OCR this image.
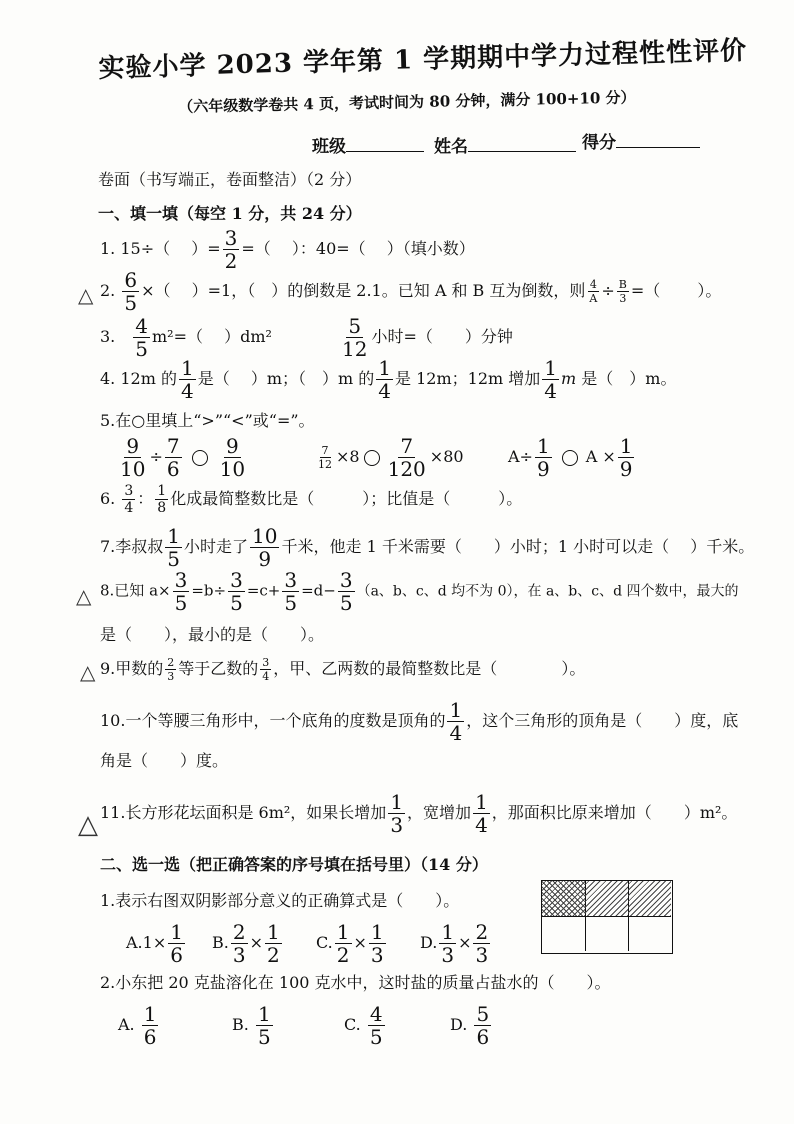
实验小学 2023 学年第 1 学期期中学力过程性性评价
（六年级数学卷共 4 页，考试时间为 80 分钟，满分 100+10 分）
班级	姓名	得分
卷面（书写端正，卷面整洁）（2 分）
一、填一填（每空 1 分，共 24 分）
1. 15÷（  ）= $\frac{3}{2}$ =（  ）：40=（  ）（填小数）
△ 2. $\frac{6}{5}$ ×（  ）=1，（  ）的倒数是 2.1。已知 A 和 B 互为倒数，则 $\frac{4}{A} \div \frac{B}{3}$ =（   ）。
3.  $\frac{4}{5} m^2=$（  ）dm²	$\frac{5}{12}$ 小时=（   ）分钟
4. 12m 的 $\frac{1}{4}$ 是（  ）m；（  ）m 的 $\frac{1}{4}$ 是 12m；12m 增加 $\frac{1}{4}$ m 是（  ）m。
5.在○里填上“>”“<”或“=”。
$\frac{9}{10} \div \frac{7}{6} \frac{9}{10}$	$\frac{7}{12} \times 8 \frac{7}{120} \times 80$	$A\div \frac{1}{9}$ $A \times \frac{1}{9}$
6. $\frac{3}{4}$ ： $\frac{1}{8}$ 化成最简整数比是（   	）；比值是（   	）。
7.李叔叔 $\frac{1}{5}$ 小时走了 $\frac{10}{9}$ 千米，他走 1 千米需要（   ）小时；1 小时可以走（  ）千米。
△ 8.已知 $a\times \frac{3}{5} =b\div \frac{3}{5} =c+ \frac{3}{5} =d- \frac{3}{5} (a$、b、c、d 均不为 0），在 a、b、c、d 四个数中，最大的
是（　　），最小的是（　　）。
△ 9.甲数的 $\frac{2}{3}$ 等于乙数的 $\frac{3}{4}$ ，甲、乙两数的最简整数比是（    	）。
10.一个等腰三角形中，一个底角的度数是顶角的 $\frac{1}{4}$ ，这个三角形的顶角是（   ）度，底
角是（　　）度。
△ 11.长方形花坛面积是 6m²，如果长增加 $\frac{1}{3}$ ，宽增加 $\frac{1}{4}$ ，那面积比原来增加（   ）m²。
二、选一选（把正确答案的序号填在括号里）（14 分）
1.表示右图双阴影部分意义的正确算式是（　　）。
$A.1\times \frac{1}{6} B$. $\frac{2}{3} \times \frac{1}{2} C$. $\frac{1}{2} \times \frac{1}{3} D$. $\frac{1}{3} \times \frac{2}{3}$
2.小东把 20 克盐溶化在 100 克水中，这时盐的质量占盐水的（　　）。
A. $\frac{1}{6}$	B. $\frac{1}{5}$	C. $\frac{4}{5}$	D. $\frac{5}{6}$
